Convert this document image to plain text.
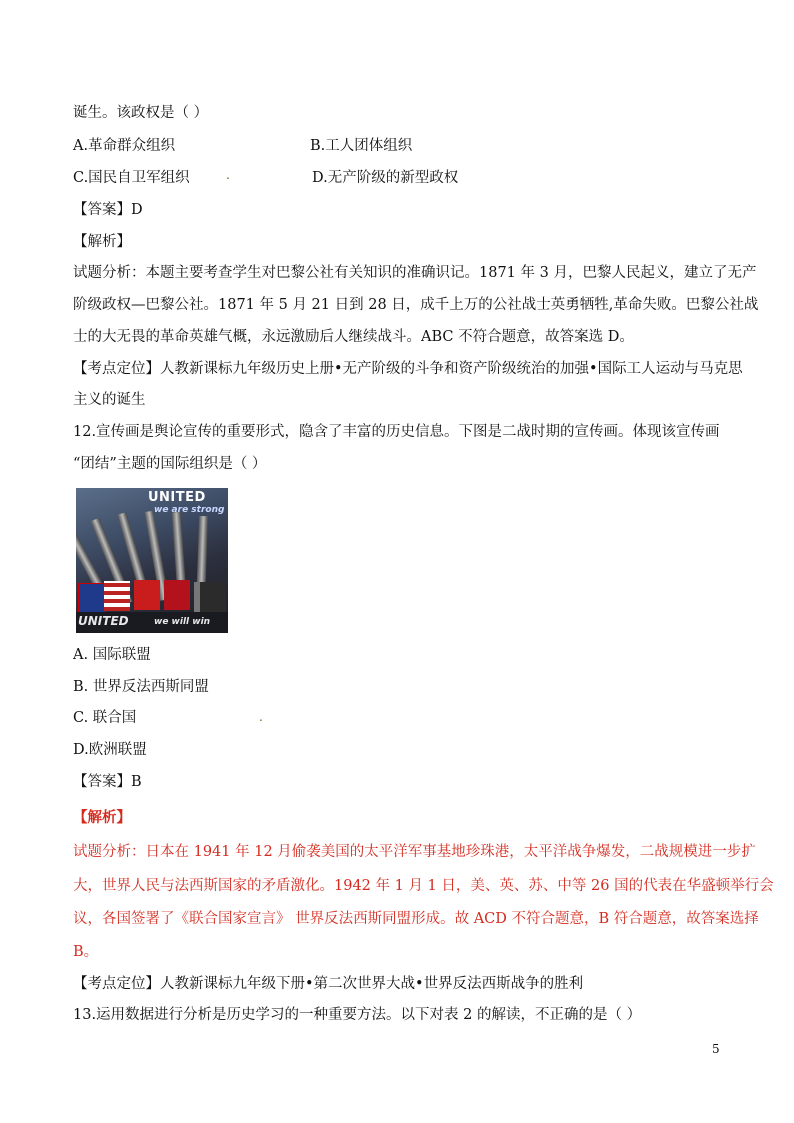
诞生。该政权是（ ）
A.革命群众组织	B.工人团体组织
C.国民自卫军组织	.	D.无产阶级的新型政权
【答案】D
【解析】
试题分析：本题主要考查学生对巴黎公社有关知识的准确识记。1871 年 3 月，巴黎人民起义，建立了无产
阶级政权—巴黎公社。1871 年 5 月 21 日到 28 日，成千上万的公社战士英勇牺牲,革命失败。巴黎公社战
士的大无畏的革命英雄气概，永远激励后人继续战斗。ABC 不符合题意，故答案选 D。
【考点定位】人教新课标九年级历史上册•无产阶级的斗争和资产阶级统治的加强•国际工人运动与马克思
主义的诞生
12.宣传画是舆论宣传的重要形式，隐含了丰富的历史信息。下图是二战时期的宣传画。体现该宣传画
“团结”主题的国际组织是（ ）
UNITED
we are strong
UNITED	we will win
A. 国际联盟
B. 世界反法西斯同盟
C. 联合国	.
D.欧洲联盟
【答案】B
【解析】
试题分析：日本在 1941 年 12 月偷袭美国的太平洋军事基地珍珠港，太平洋战争爆发，二战规模进一步扩
大，世界人民与法西斯国家的矛盾激化。1942 年 1 月 1 日，美、英、苏、中等 26 国的代表在华盛顿举行会
议，各国签署了《联合国家宣言》 世界反法西斯同盟形成。故 ACD 不符合题意，B 符合题意，故答案选择
B。
【考点定位】人教新课标九年级下册•第二次世界大战•世界反法西斯战争的胜利
13.运用数据进行分析是历史学习的一种重要方法。以下对表 2 的解读，不正确的是（ ）
5
